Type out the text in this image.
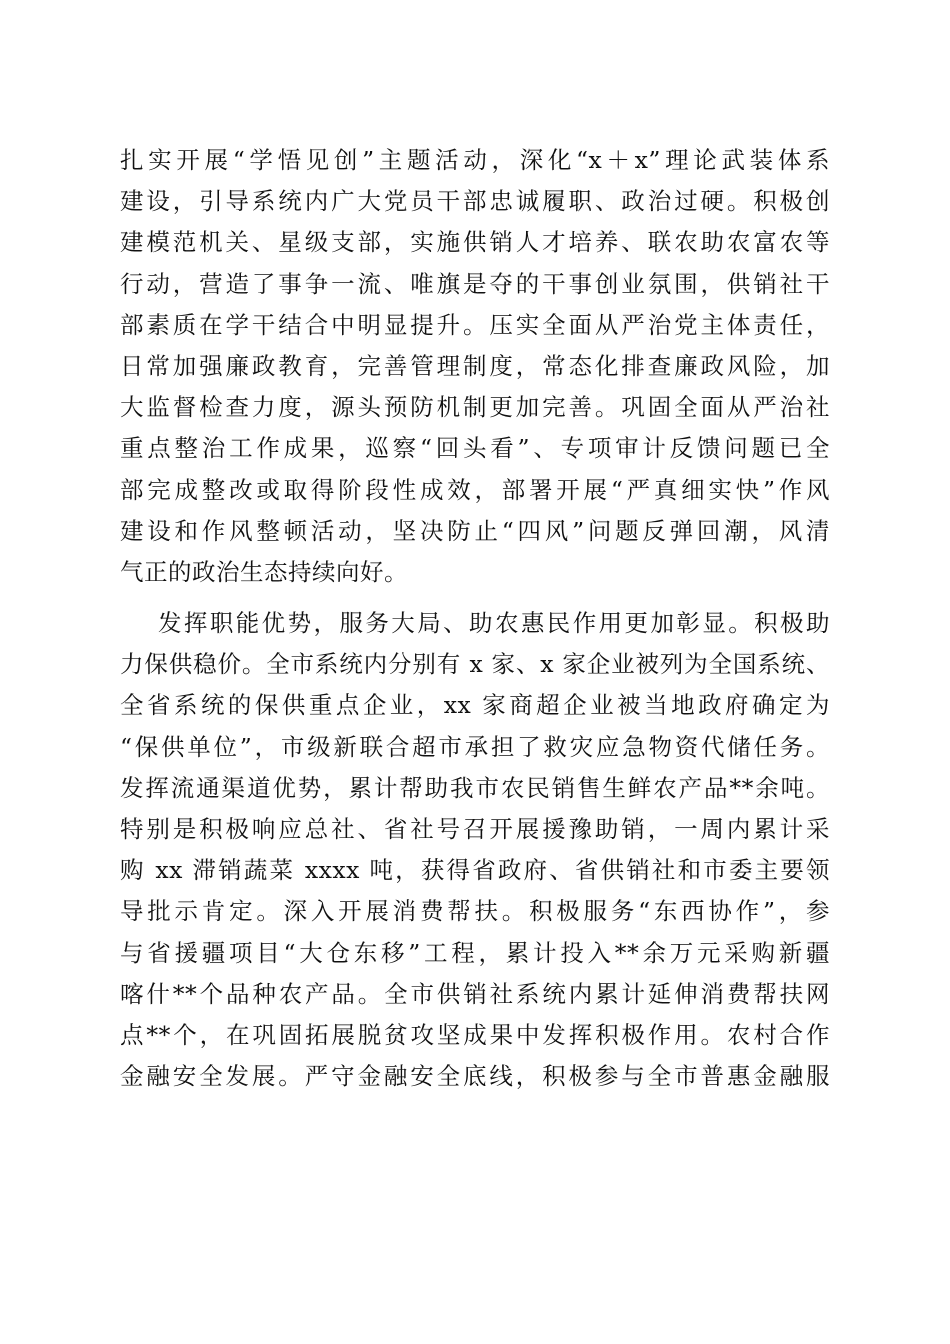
扎实开展“学悟见创”主题活动，深化“x＋x”理论武装体系
建设，引导系统内广大党员干部忠诚履职、政治过硬。积极创
建模范机关、星级支部，实施供销人才培养、联农助农富农等
行动，营造了事争一流、唯旗是夺的干事创业氛围，供销社干
部素质在学干结合中明显提升。压实全面从严治党主体责任，
日常加强廉政教育，完善管理制度，常态化排查廉政风险，加
大监督检查力度，源头预防机制更加完善。巩固全面从严治社
重点整治工作成果，巡察“回头看”、专项审计反馈问题已全
部完成整改或取得阶段性成效，部署开展“严真细实快”作风
建设和作风整顿活动，坚决防止“四风”问题反弹回潮，风清
气正的政治生态持续向好。
发挥职能优势，服务大局、助农惠民作用更加彰显。积极助
力保供稳价。全市系统内分别有 x 家、x 家企业被列为全国系统、
全省系统的保供重点企业，xx 家商超企业被当地政府确定为
“保供单位”，市级新联合超市承担了救灾应急物资代储任务。
发挥流通渠道优势，累计帮助我市农民销售生鲜农产品**余吨。
特别是积极响应总社、省社号召开展援豫助销，一周内累计采
购 xx 滞销蔬菜 xxxx 吨，获得省政府、省供销社和市委主要领
导批示肯定。深入开展消费帮扶。积极服务“东西协作”，参
与省援疆项目“大仓东移”工程，累计投入**余万元采购新疆
喀什**个品种农产品。全市供销社系统内累计延伸消费帮扶网
点**个，在巩固拓展脱贫攻坚成果中发挥积极作用。农村合作
金融安全发展。严守金融安全底线，积极参与全市普惠金融服
